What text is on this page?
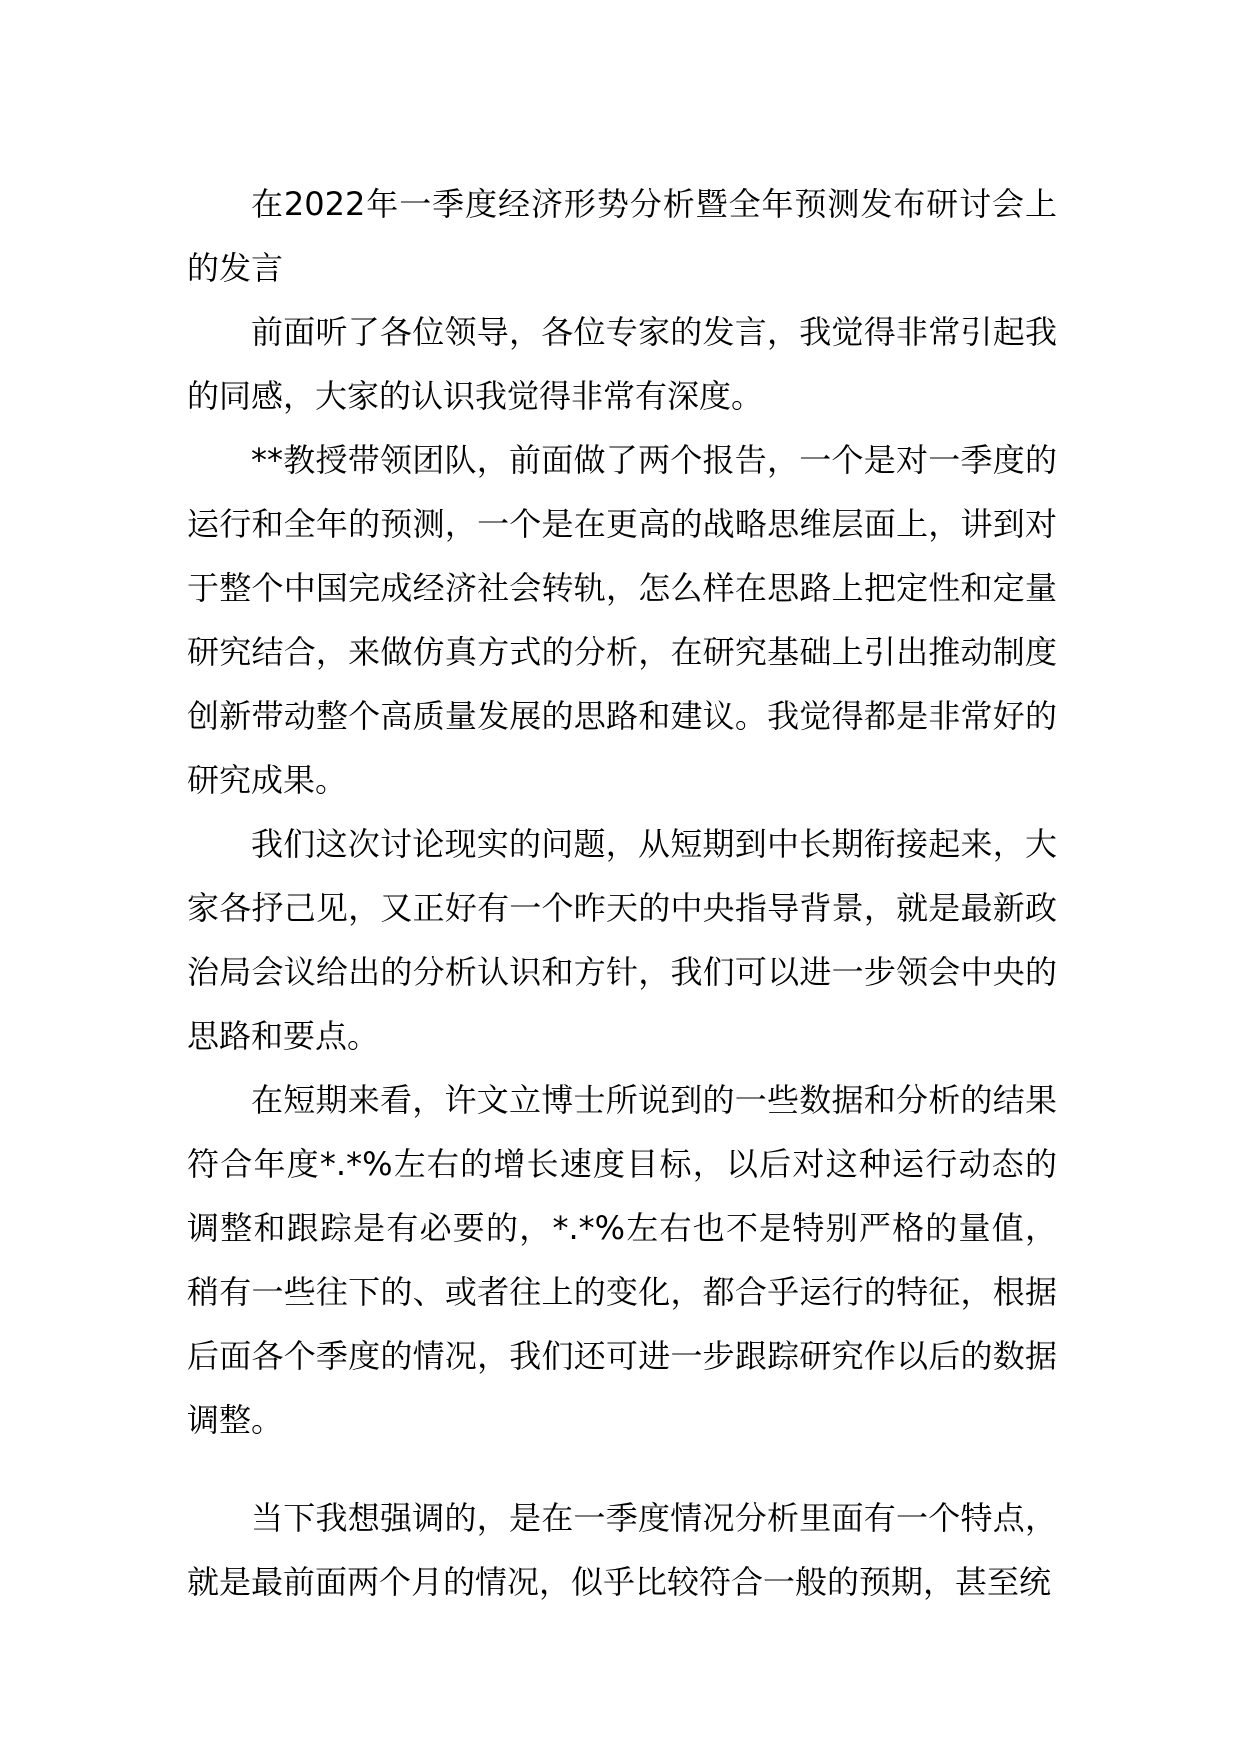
在2022年一季度经济形势分析暨全年预测发布研讨会上的发言

前面听了各位领导，各位专家的发言，我觉得非常引起我的同感，大家的认识我觉得非常有深度。

**教授带领团队，前面做了两个报告，一个是对一季度的运行和全年的预测，一个是在更高的战略思维层面上，讲到对于整个中国完成经济社会转轨，怎么样在思路上把定性和定量研究结合，来做仿真方式的分析，在研究基础上引出推动制度创新带动整个高质量发展的思路和建议。我觉得都是非常好的研究成果。

我们这次讨论现实的问题，从短期到中长期衔接起来，大家各抒己见，又正好有一个昨天的中央指导背景，就是最新政治局会议给出的分析认识和方针，我们可以进一步领会中央的思路和要点。

在短期来看，许文立博士所说到的一些数据和分析的结果符合年度*.*%左右的增长速度目标，以后对这种运行动态的调整和跟踪是有必要的，*.*%左右也不是特别严格的量值，稍有一些往下的、或者往上的变化，都合乎运行的特征，根据后面各个季度的情况，我们还可进一步跟踪研究作以后的数据调整。

当下我想强调的，是在一季度情况分析里面有一个特点，就是最前面两个月的情况，似乎比较符合一般的预期，甚至统
